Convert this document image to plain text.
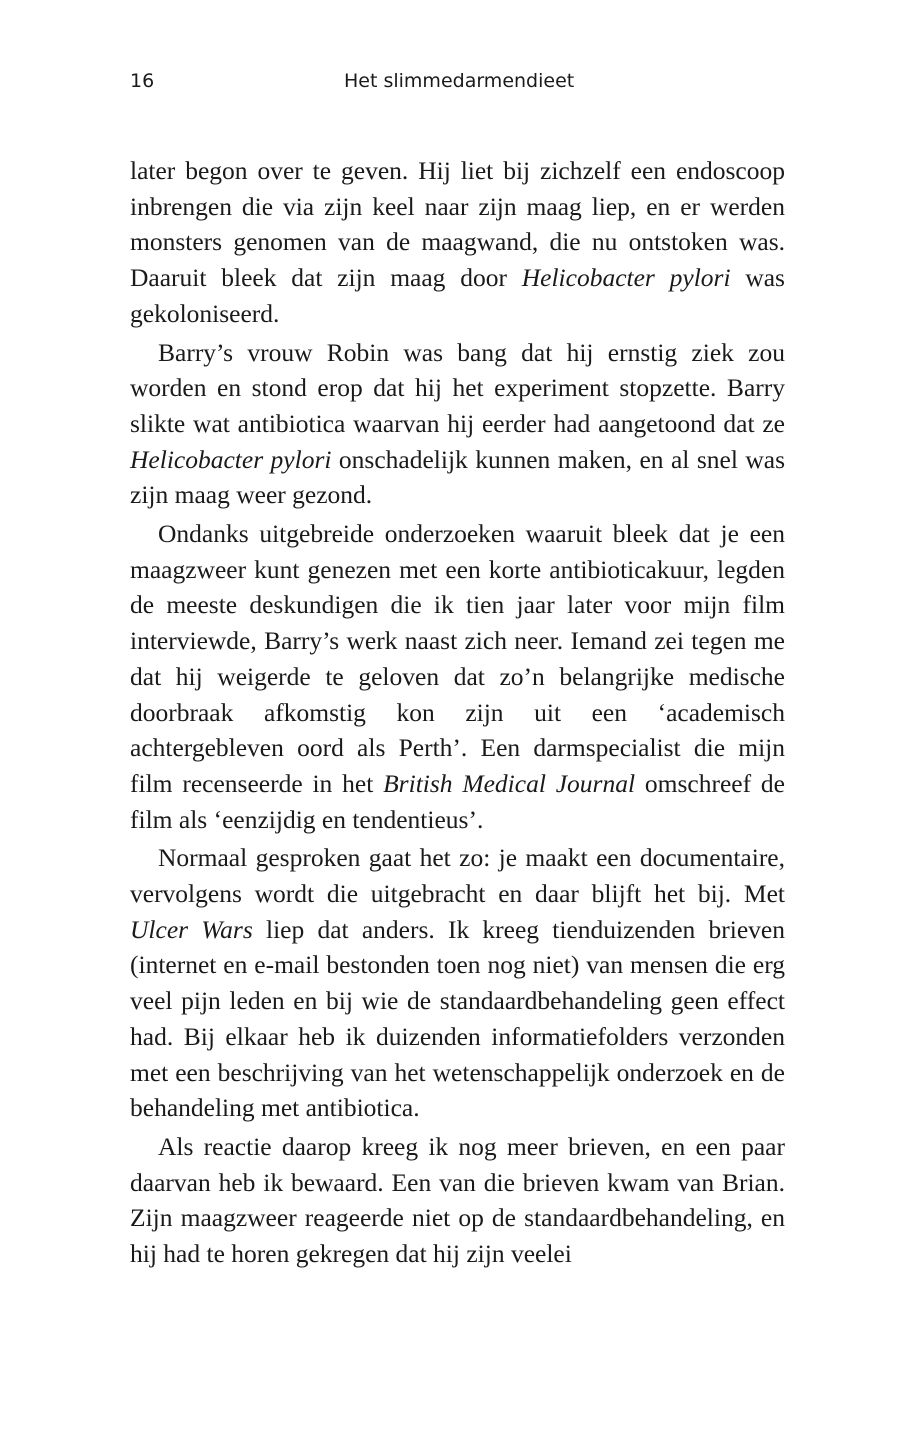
16	Het slimmedarmendieet

later begon over te geven. Hij liet bij zichzelf een endoscoop inbrengen die via zijn keel naar zijn maag liep, en er werden monsters genomen van de maagwand, die nu ontstoken was. Daaruit bleek dat zijn maag door Helicobacter pylori was gekoloniseerd.

Barry’s vrouw Robin was bang dat hij ernstig ziek zou worden en stond erop dat hij het experiment stopzette. Barry slikte wat antibiotica waarvan hij eerder had aangetoond dat ze Helicobacter pylori onschadelijk kunnen maken, en al snel was zijn maag weer gezond.

Ondanks uitgebreide onderzoeken waaruit bleek dat je een maagzweer kunt genezen met een korte antibioticakuur, legden de meeste deskundigen die ik tien jaar later voor mijn film interviewde, Barry’s werk naast zich neer. Iemand zei tegen me dat hij weigerde te geloven dat zo’n belangrijke medische doorbraak afkomstig kon zijn uit een ‘academisch achtergebleven oord als Perth’. Een darmspecialist die mijn film recenseerde in het British Medical Journal omschreef de film als ‘eenzijdig en tendentieus’.

Normaal gesproken gaat het zo: je maakt een documentaire, vervolgens wordt die uitgebracht en daar blijft het bij. Met Ulcer Wars liep dat anders. Ik kreeg tienduizenden brieven (internet en e-mail bestonden toen nog niet) van mensen die erg veel pijn leden en bij wie de standaardbehandeling geen effect had. Bij elkaar heb ik duizenden informatiefolders verzonden met een beschrijving van het wetenschappelijk onderzoek en de behandeling met antibiotica.

Als reactie daarop kreeg ik nog meer brieven, en een paar daarvan heb ik bewaard. Een van die brieven kwam van Brian. Zijn maagzweer reageerde niet op de standaardbehandeling, en hij had te horen gekregen dat hij zijn veelei
